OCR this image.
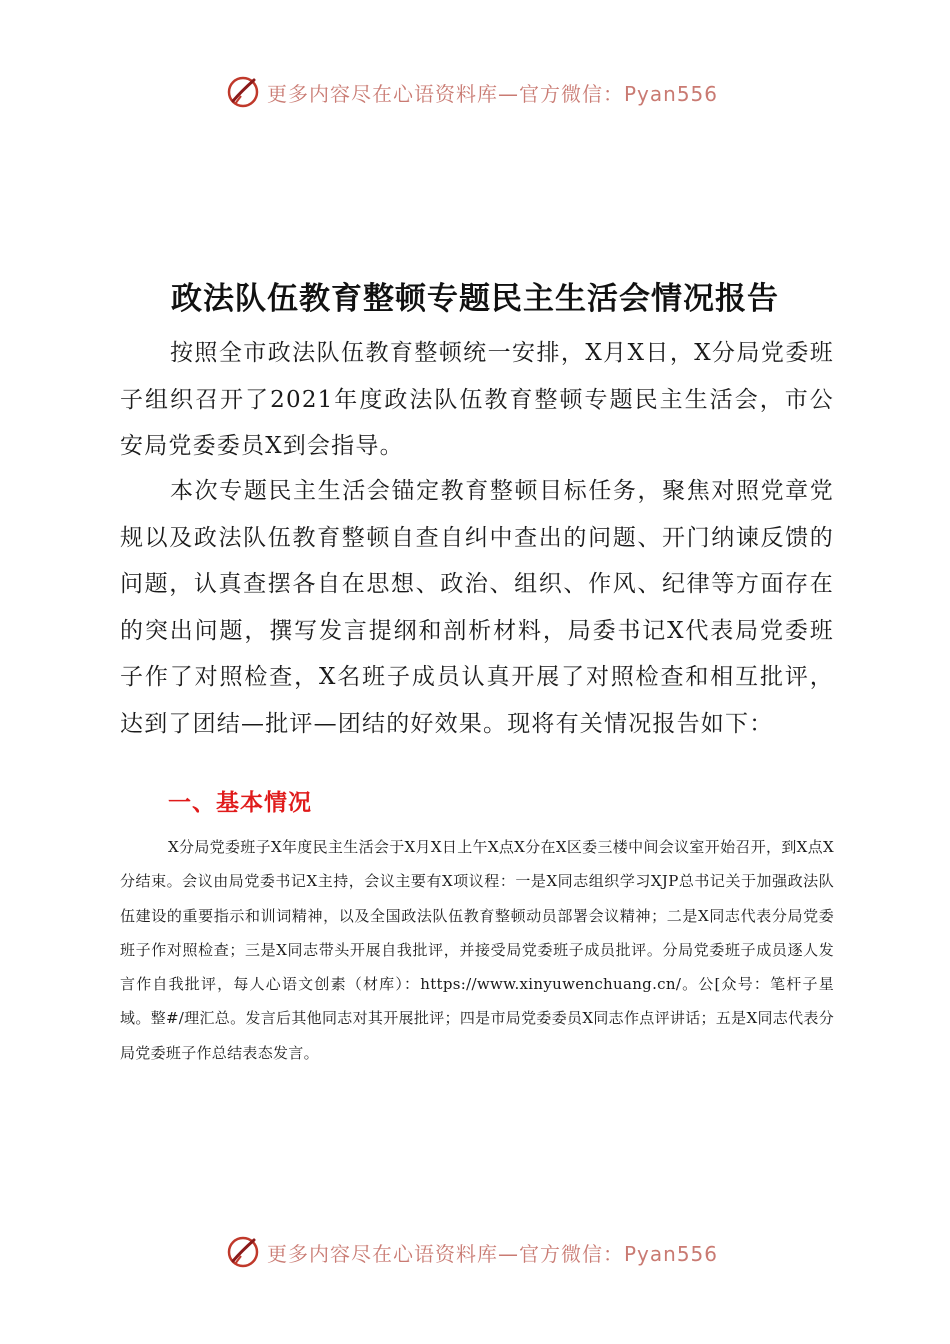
更多内容尽在心语资料库—官方微信：Pyan556
政法队伍教育整顿专题民主生活会情况报告

按照全市政法队伍教育整顿统一安排，X月X日，X分局党委班子组织召开了2021年度政法队伍教育整顿专题民主生活会，市公安局党委委员X到会指导。

本次专题民主生活会锚定教育整顿目标任务，聚焦对照党章党规以及政法队伍教育整顿自查自纠中查出的问题、开门纳谏反馈的问题，认真查摆各自在思想、政治、组织、作风、纪律等方面存在的突出问题，撰写发言提纲和剖析材料，局委书记X代表局党委班子作了对照检查，X名班子成员认真开展了对照检查和相互批评，达到了团结—批评—团结的好效果。现将有关情况报告如下：

一、基本情况

X分局党委班子X年度民主生活会于X月X日上午X点X分在X区委三楼中间会议室开始召开，到X点X分结束。会议由局党委书记X主持，会议主要有X项议程：一是X同志组织学习XJP总书记关于加强政法队伍建设的重要指示和训词精神，以及全国政法队伍教育整顿动员部署会议精神；二是X同志代表分局党委班子作对照检查；三是X同志带头开展自我批评，并接受局党委班子成员批评。分局党委班子成员逐人发言作自我批评，每人心语文创素（材库）：https://www.xinyuwenchuang.cn/。公[众号：笔杆子星域。整#/理汇总。发言后其他同志对其开展批评；四是市局党委委员X同志作点评讲话；五是X同志代表分局党委班子作总结表态发言。

更多内容尽在心语资料库—官方微信：Pyan556
